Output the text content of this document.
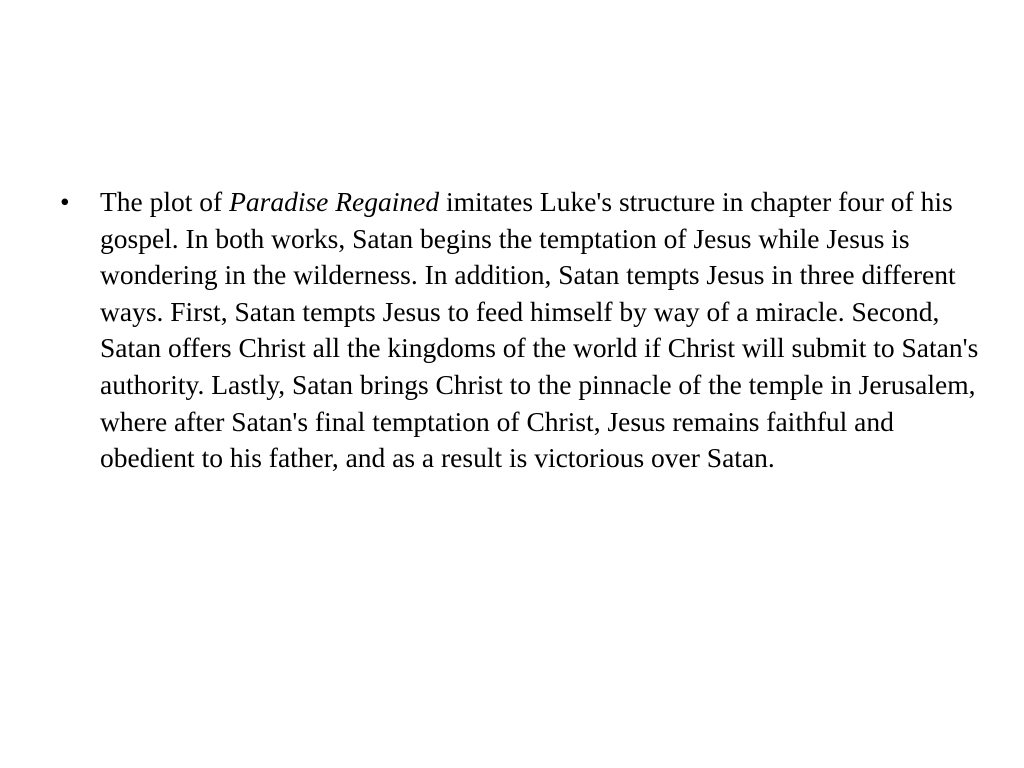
• The plot of Paradise Regained imitates Luke's structure in chapter four of his gospel. In both works, Satan begins the temptation of Jesus while Jesus is wondering in the wilderness. In addition, Satan tempts Jesus in three different ways. First, Satan tempts Jesus to feed himself by way of a miracle. Second, Satan offers Christ all the kingdoms of the world if Christ will submit to Satan's authority. Lastly, Satan brings Christ to the pinnacle of the temple in Jerusalem, where after Satan's final temptation of Christ, Jesus remains faithful and obedient to his father, and as a result is victorious over Satan.
